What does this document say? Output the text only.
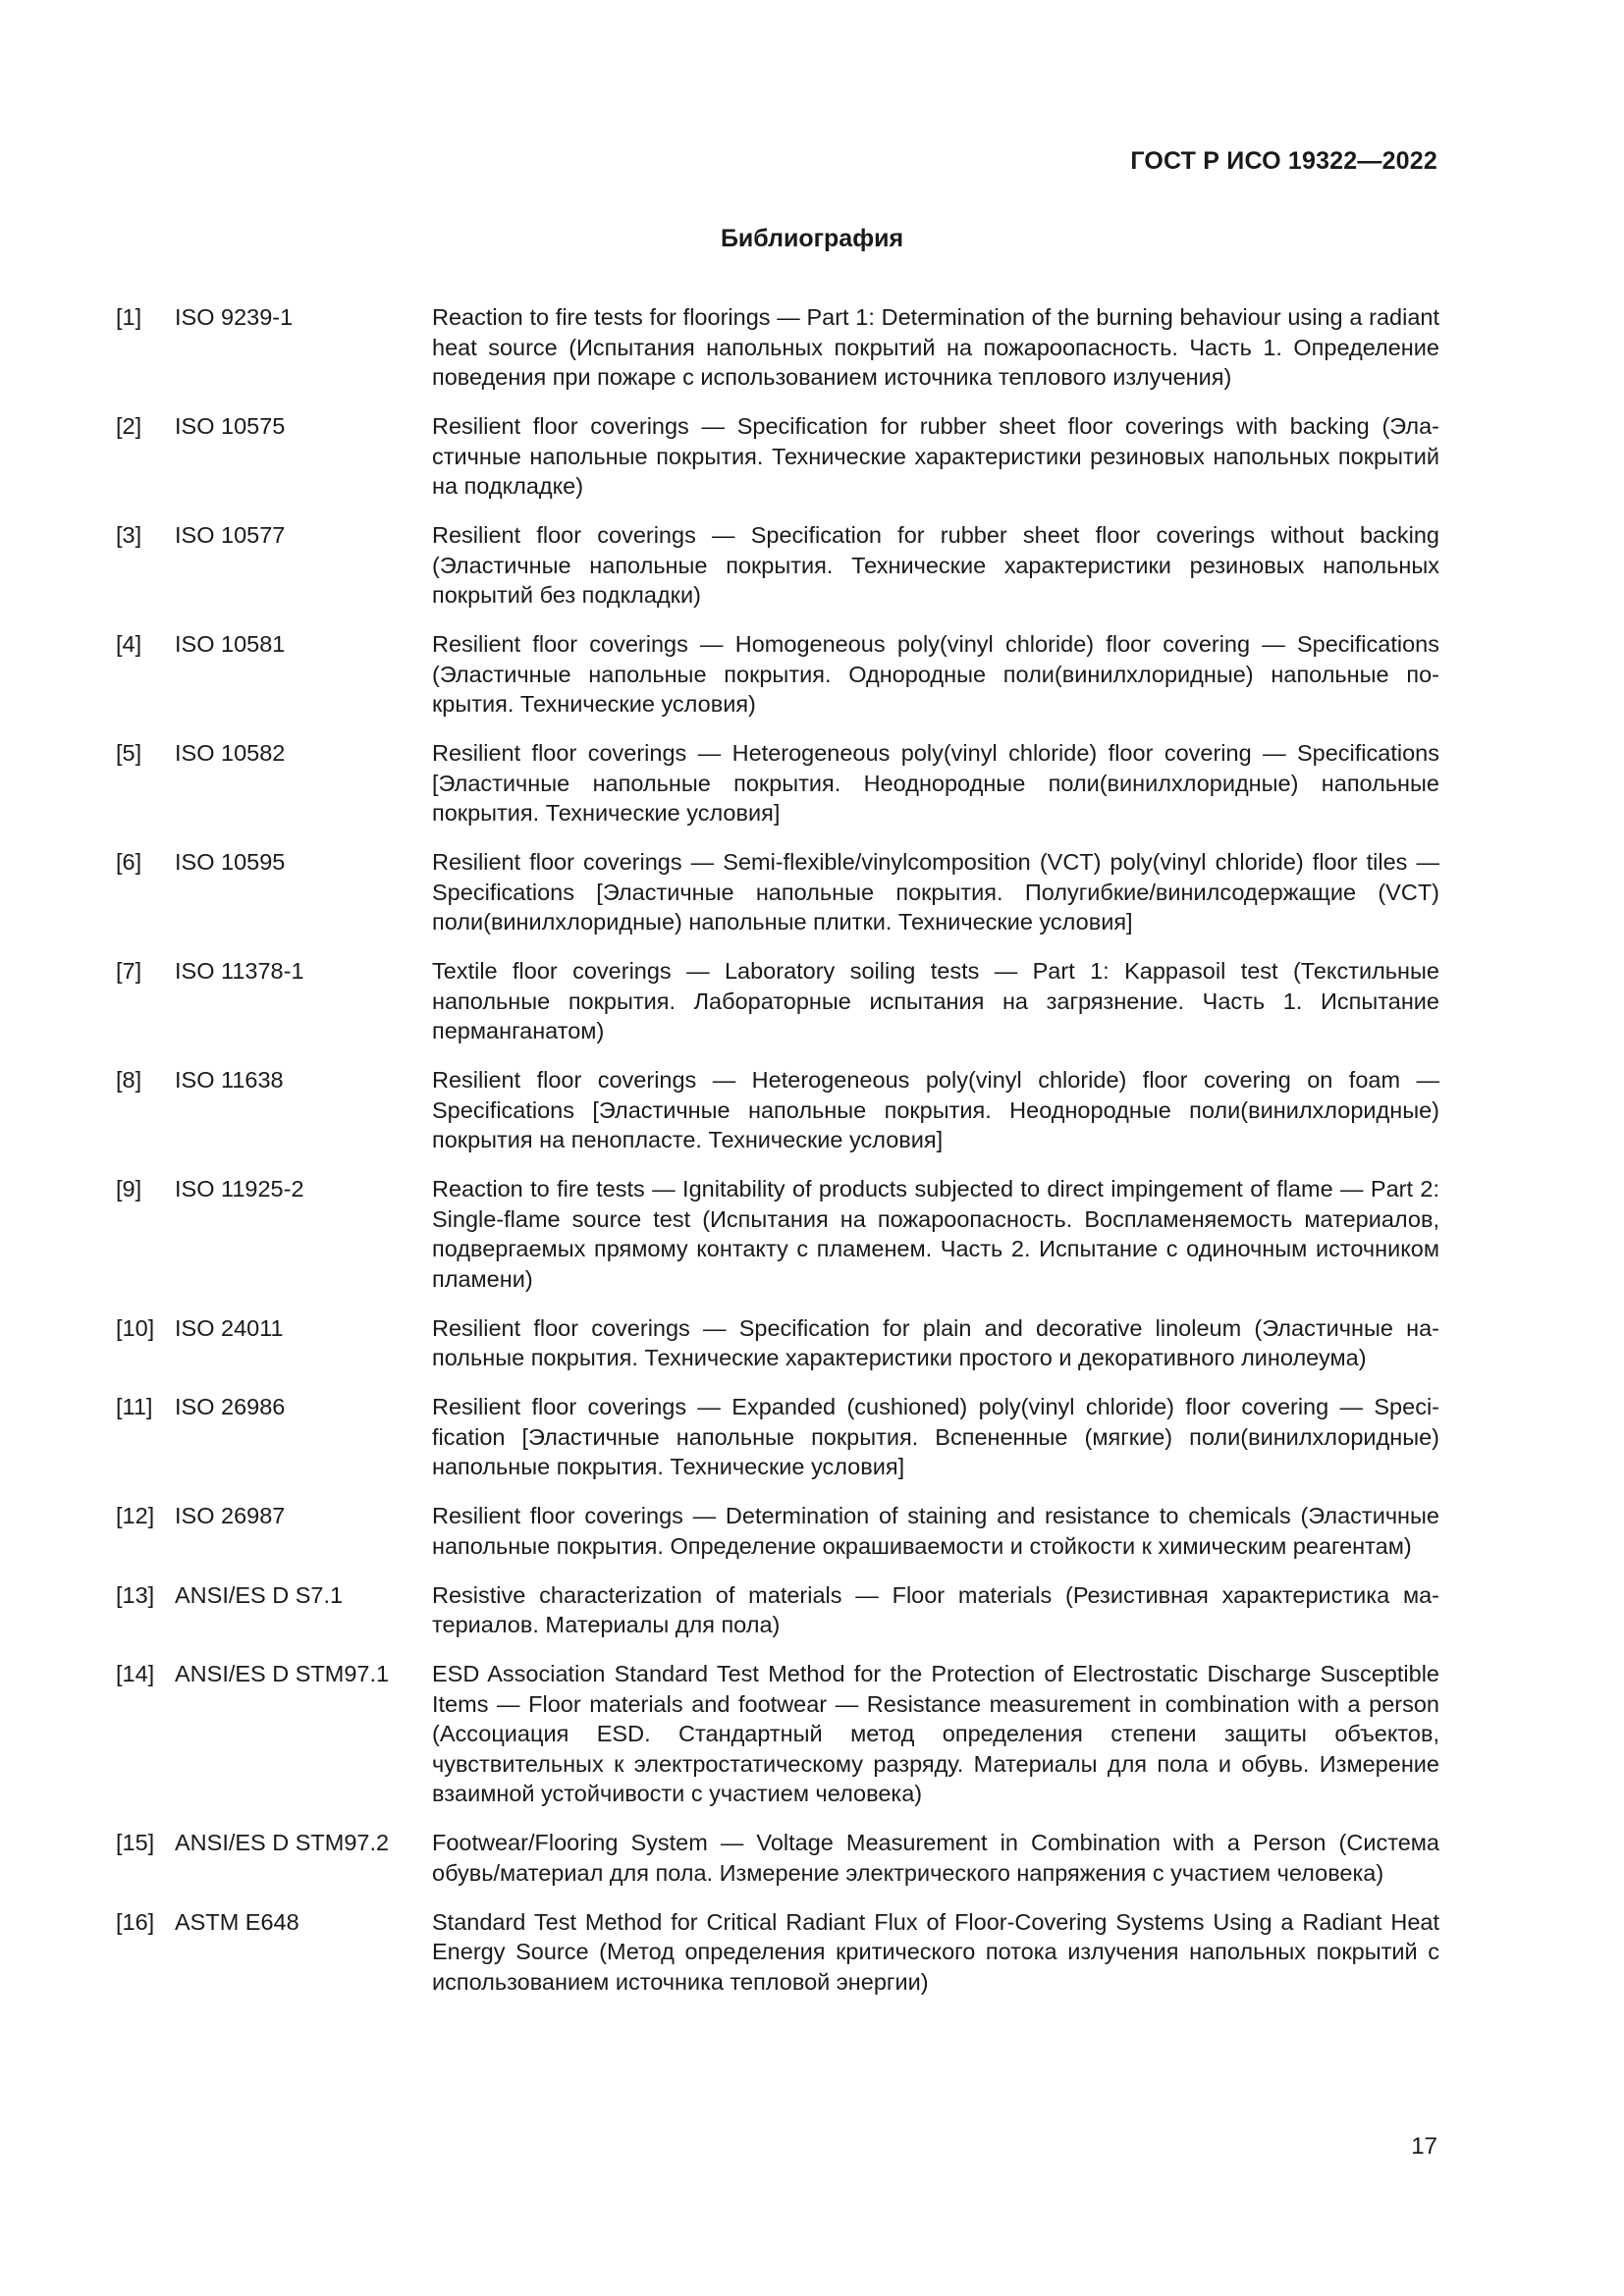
ГОСТ Р ИСО 19322—2022
Библиография
[1]	ISO 9239-1	Reaction to fire tests for floorings — Part 1: Determination of the burning behaviour using a radiant heat source (Испытания напольных покрытий на пожароопасность. Часть 1. Определение поведения при пожаре с использованием источника теплового излучения)
[2]	ISO 10575	Resilient floor coverings — Specification for rubber sheet floor coverings with backing (Эластичные напольные покрытия. Технические характеристики резиновых напольных покрытий на подкладке)
[3]	ISO 10577	Resilient floor coverings — Specification for rubber sheet floor coverings without backing (Эластичные напольные покрытия. Технические характеристики резиновых напольных покрытий без подкладки)
[4]	ISO 10581	Resilient floor coverings — Homogeneous poly(vinyl chloride) floor covering — Specifications (Эластичные напольные покрытия. Однородные поли(винилхлоридные) напольные покрытия. Технические условия)
[5]	ISO 10582	Resilient floor coverings — Heterogeneous poly(vinyl chloride) floor covering — Specifications [Эластичные напольные покрытия. Неоднородные поли(винилхлоридные) напольные покрытия. Технические условия]
[6]	ISO 10595	Resilient floor coverings — Semi-flexible/vinylcomposition (VCT) poly(vinyl chloride) floor tiles — Specifications [Эластичные напольные покрытия. Полугибкие/винилсодержащие (VCT) поли(винилхлоридные) напольные плитки. Технические условия]
[7]	ISO 11378-1	Textile floor coverings — Laboratory soiling tests — Part 1: Kappasoil test (Текстильные напольные покрытия. Лабораторные испытания на загрязнение. Часть 1. Испытание перманганатом)
[8]	ISO 11638	Resilient floor coverings — Heterogeneous poly(vinyl chloride) floor covering on foam — Specifications [Эластичные напольные покрытия. Неоднородные поли(винилхлоридные) покрытия на пенопласте. Технические условия]
[9]	ISO 11925-2	Reaction to fire tests — Ignitability of products subjected to direct impingement of flame — Part 2: Single-flame source test (Испытания на пожароопасность. Воспламеняемость материалов, подвергаемых прямому контакту с пламенем. Часть 2. Испытание с одиночным источником пламени)
[10] ISO 24011	Resilient floor coverings — Specification for plain and decorative linoleum (Эластичные напольные покрытия. Технические характеристики простого и декоративного линолеума)
[11] ISO 26986	Resilient floor coverings — Expanded (cushioned) poly(vinyl chloride) floor covering — Specification [Эластичные напольные покрытия. Вспененные (мягкие) поли(винилхлоридные) напольные покрытия. Технические условия]
[12] ISO 26987	Resilient floor coverings — Determination of staining and resistance to chemicals (Эластичные напольные покрытия. Определение окрашиваемости и стойкости к химическим реагентам)
[13] ANSI/ES D S7.1	Resistive characterization of materials — Floor materials (Резистивная характеристика материалов. Материалы для пола)
[14] ANSI/ES D STM97.1	ESD Association Standard Test Method for the Protection of Electrostatic Discharge Susceptible Items — Floor materials and footwear — Resistance measurement in combination with a person (Ассоциация ESD. Стандартный метод определения степени защиты объектов, чувствительных к электростатическому разряду. Материалы для пола и обувь. Измерение взаимной устойчивости с участием человека)
[15] ANSI/ES D STM97.2	Footwear/Flooring System — Voltage Measurement in Combination with a Person (Система обувь/материал для пола. Измерение электрического напряжения с участием человека)
[16] ASTM E648	Standard Test Method for Critical Radiant Flux of Floor-Covering Systems Using a Radiant Heat Energy Source (Метод определения критического потока излучения напольных покрытий с использованием источника тепловой энергии)
17
